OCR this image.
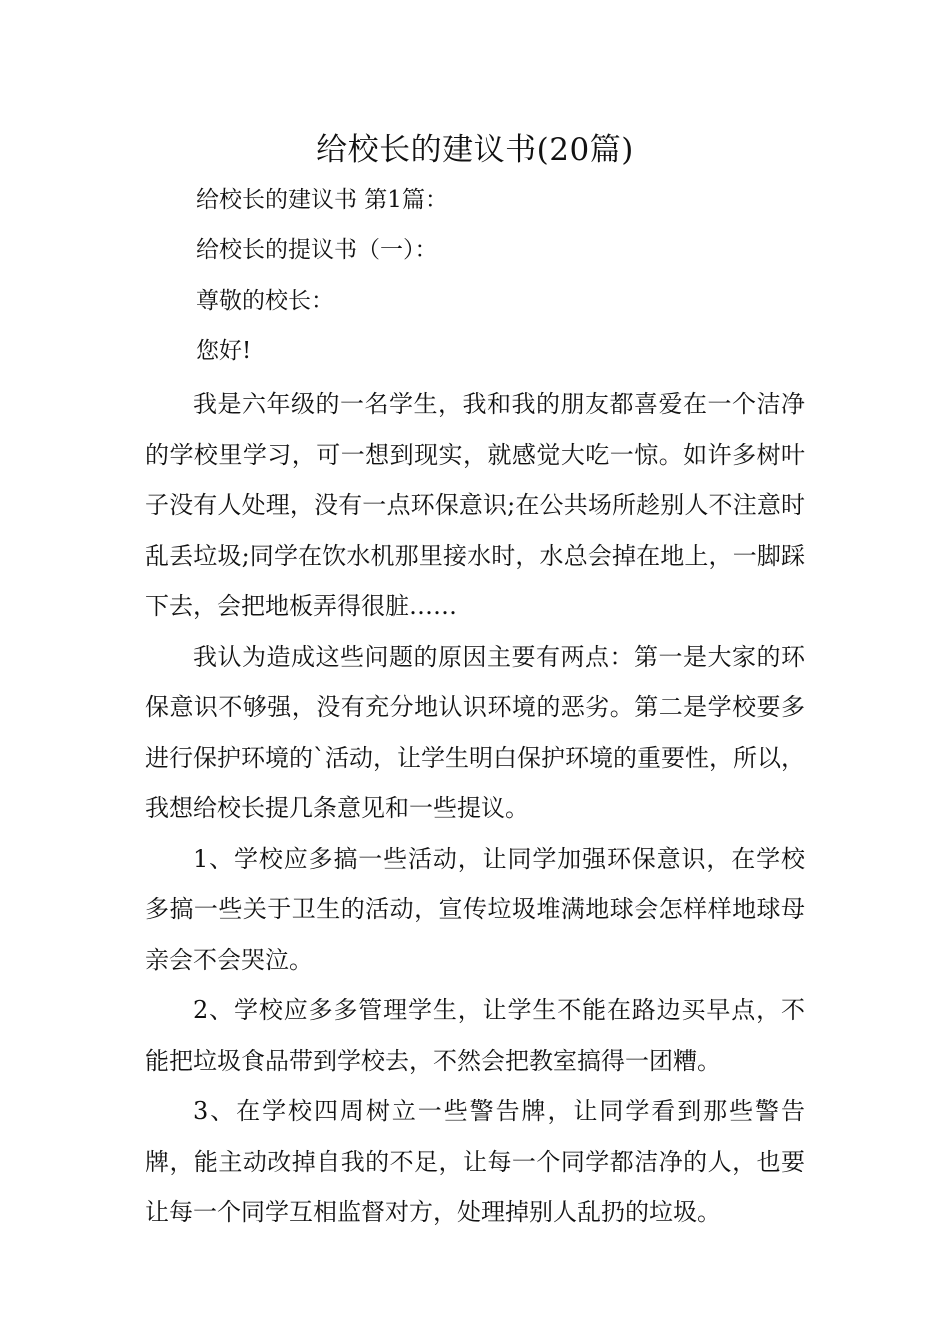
给校长的建议书(20篇)
给校长的建议书 第1篇：
给校长的提议书（一）：
尊敬的校长：
您好!

我是六年级的一名学生，我和我的朋友都喜爱在一个洁净的学校里学习，可一想到现实，就感觉大吃一惊。如许多树叶子没有人处理，没有一点环保意识;在公共场所趁别人不注意时乱丢垃圾;同学在饮水机那里接水时，水总会掉在地上，一脚踩下去，会把地板弄得很脏……

我认为造成这些问题的原因主要有两点：第一是大家的环保意识不够强，没有充分地认识环境的恶劣。第二是学校要多进行保护环境的`活动，让学生明白保护环境的重要性，所以，我想给校长提几条意见和一些提议。

1、学校应多搞一些活动，让同学加强环保意识，在学校多搞一些关于卫生的活动，宣传垃圾堆满地球会怎样样地球母亲会不会哭泣。

2、学校应多多管理学生，让学生不能在路边买早点，不能把垃圾食品带到学校去，不然会把教室搞得一团糟。

3、在学校四周树立一些警告牌，让同学看到那些警告牌，能主动改掉自我的不足，让每一个同学都洁净的人，也要让每一个同学互相监督对方，处理掉别人乱扔的垃圾。
